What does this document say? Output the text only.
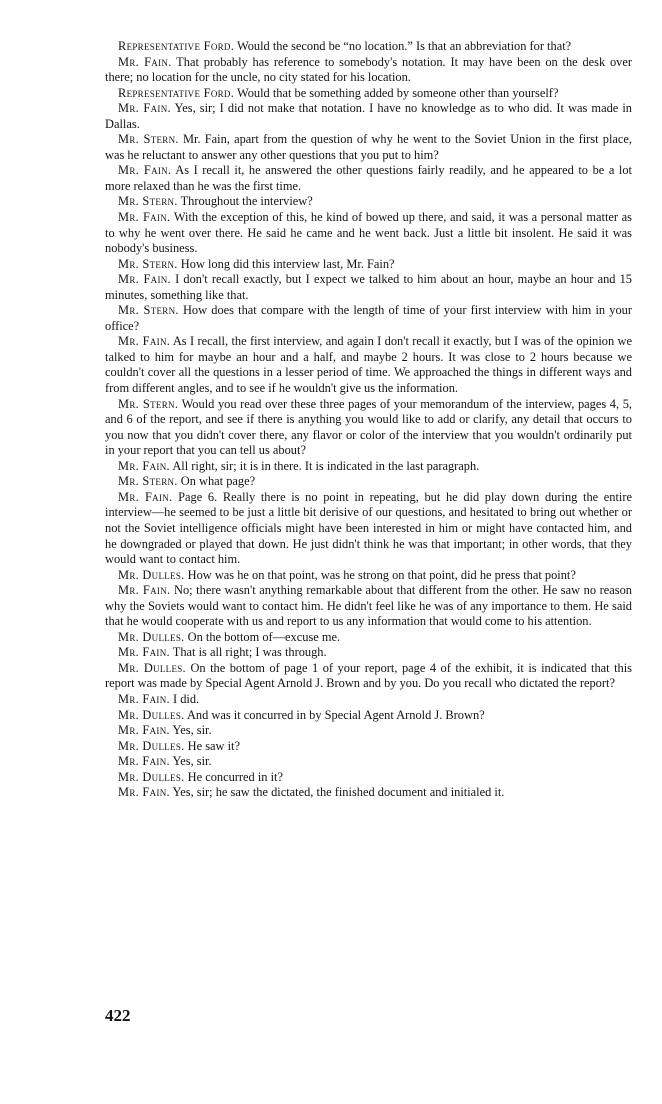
Representative Ford. Would the second be “no location.” Is that an abbreviation for that?

Mr. Fain. That probably has reference to somebody's notation. It may have been on the desk over there; no location for the uncle, no city stated for his location.

Representative Ford. Would that be something added by someone other than yourself?

Mr. Fain. Yes, sir; I did not make that notation. I have no knowledge as to who did. It was made in Dallas.

Mr. Stern. Mr. Fain, apart from the question of why he went to the Soviet Union in the first place, was he reluctant to answer any other questions that you put to him?

Mr. Fain. As I recall it, he answered the other questions fairly readily, and he appeared to be a lot more relaxed than he was the first time.

Mr. Stern. Throughout the interview?

Mr. Fain. With the exception of this, he kind of bowed up there, and said, it was a personal matter as to why he went over there. He said he came and he went back. Just a little bit insolent. He said it was nobody's business.

Mr. Stern. How long did this interview last, Mr. Fain?

Mr. Fain. I don't recall exactly, but I expect we talked to him about an hour, maybe an hour and 15 minutes, something like that.

Mr. Stern. How does that compare with the length of time of your first interview with him in your office?

Mr. Fain. As I recall, the first interview, and again I don't recall it exactly, but I was of the opinion we talked to him for maybe an hour and a half, and maybe 2 hours. It was close to 2 hours because we couldn't cover all the questions in a lesser period of time. We approached the things in different ways and from different angles, and to see if he wouldn't give us the information.

Mr. Stern. Would you read over these three pages of your memorandum of the interview, pages 4, 5, and 6 of the report, and see if there is anything you would like to add or clarify, any detail that occurs to you now that you didn't cover there, any flavor or color of the interview that you wouldn't ordinarily put in your report that you can tell us about?

Mr. Fain. All right, sir; it is in there. It is indicated in the last paragraph.

Mr. Stern. On what page?

Mr. Fain. Page 6. Really there is no point in repeating, but he did play down during the entire interview—he seemed to be just a little bit derisive of our questions, and hesitated to bring out whether or not the Soviet intelligence officials might have been interested in him or might have contacted him, and he downgraded or played that down. He just didn't think he was that important; in other words, that they would want to contact him.

Mr. Dulles. How was he on that point, was he strong on that point, did he press that point?

Mr. Fain. No; there wasn't anything remarkable about that different from the other. He saw no reason why the Soviets would want to contact him. He didn't feel like he was of any importance to them. He said that he would cooperate with us and report to us any information that would come to his attention.

Mr. Dulles. On the bottom of—excuse me.

Mr. Fain. That is all right; I was through.

Mr. Dulles. On the bottom of page 1 of your report, page 4 of the exhibit, it is indicated that this report was made by Special Agent Arnold J. Brown and by you. Do you recall who dictated the report?

Mr. Fain. I did.

Mr. Dulles. And was it concurred in by Special Agent Arnold J. Brown?

Mr. Fain. Yes, sir.

Mr. Dulles. He saw it?

Mr. Fain. Yes, sir.

Mr. Dulles. He concurred in it?

Mr. Fain. Yes, sir; he saw the dictated, the finished document and initialed it.

422
